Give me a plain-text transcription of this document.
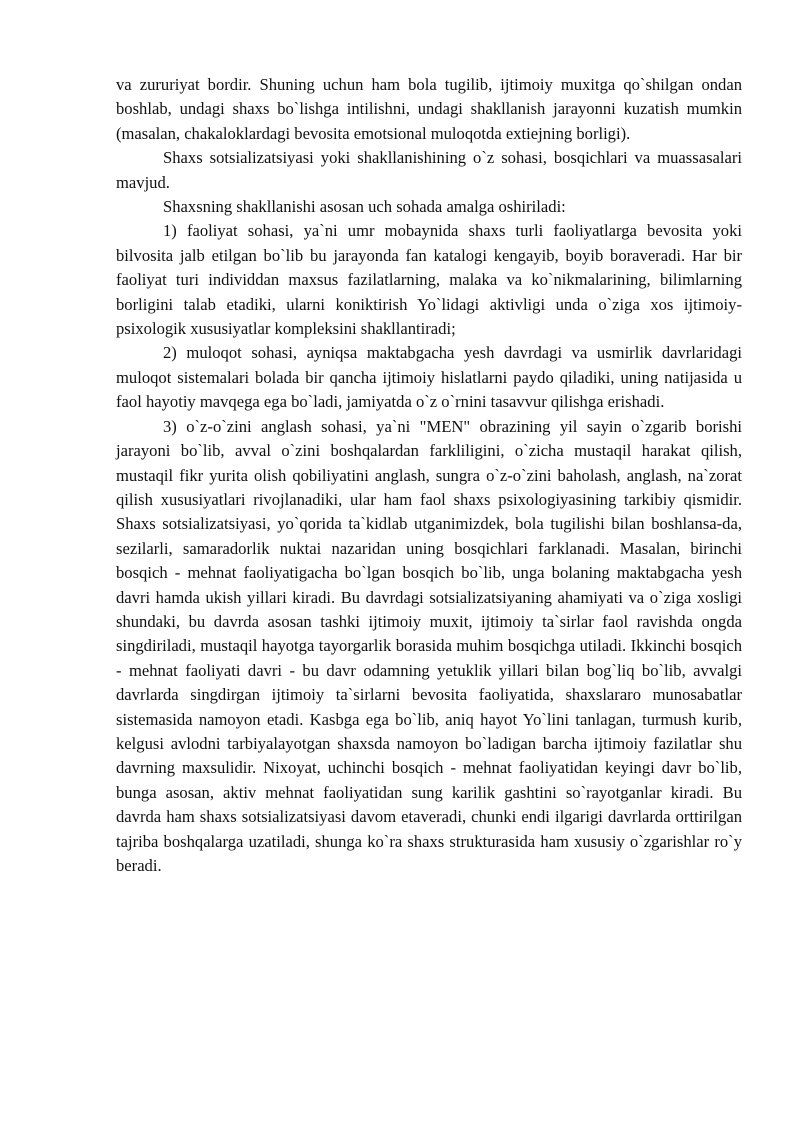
va zururiyat bordir. Shuning uchun ham bola tugilib, ijtimoiy muxitga qo`shilgan ondan boshlab, undagi shaxs bo`lishga intilishni, undagi shakllanish jarayonni kuzatish mumkin (masalan, chakaloklardagi bevosita emotsional muloqotda extiejning borligi).

Shaxs sotsializatsiyasi yoki shakllanishining o`z sohasi, bosqichlari va muassasalari mavjud.

Shaxsning shakllanishi asosan uch sohada amalga oshiriladi:

1) faoliyat sohasi, ya`ni umr mobaynida shaxs turli faoliyatlarga bevosita yoki bilvosita jalb etilgan bo`lib bu jarayonda fan katalogi kengayib, boyib boraveradi. Har bir faoliyat turi individdan maxsus fazilatlarning, malaka va ko`nikmalarining, bilimlarning borligini talab etadiki, ularni koniktirish Yo`lidagi aktivligi unda o`ziga xos ijtimoiy-psixologik xususiyatlar kompleksini shakllantiradi;

2) muloqot sohasi, ayniqsa maktabgacha yesh davrdagi va usmirlik davrlaridagi muloqot sistemalari bolada bir qancha ijtimoiy hislatlarni paydo qiladiki, uning natijasida u faol hayotiy mavqega ega bo`ladi, jamiyatda o`z o`rnini tasavvur qilishga erishadi.

3) o`z-o`zini anglash sohasi, ya`ni "MEN" obrazining yil sayin o`zgarib borishi jarayoni bo`lib, avval o`zini boshqalardan farkliligini, o`zicha mustaqil harakat qilish, mustaqil fikr yurita olish qobiliyatini anglash, sungra o`z-o`zini baholash, anglash, na`zorat qilish xususiyatlari rivojlanadiki, ular ham faol shaxs psixologiyasining tarkibiy qismidir. Shaxs sotsializatsiyasi, yo`qorida ta`kidlab utganimizdek, bola tugilishi bilan boshlansa-da, sezilarli, samaradorlik nuktai nazaridan uning bosqichlari farklanadi. Masalan, birinchi bosqich - mehnat faoliyatigacha bo`lgan bosqich bo`lib, unga bolaning maktabgacha yesh davri hamda ukish yillari kiradi. Bu davrdagi sotsializatsiyaning ahamiyati va o`ziga xosligi shundaki, bu davrda asosan tashki ijtimoiy muxit, ijtimoiy ta`sirlar faol ravishda ongda singdiriladi, mustaqil hayotga tayorgarlik borasida muhim bosqichga utiladi. Ikkinchi bosqich - mehnat faoliyati davri - bu davr odamning yetuklik yillari bilan bog`liq bo`lib, avvalgi davrlarda singdirgan ijtimoiy ta`sirlarni bevosita faoliyatida, shaxslararo munosabatlar sistemasida namoyon etadi. Kasbga ega bo`lib, aniq hayot Yo`lini tanlagan, turmush kurib, kelgusi avlodni tarbiyalayotgan shaxsda namoyon bo`ladigan barcha ijtimoiy fazilatlar shu davrning maxsulidir. Nixoyat, uchinchi bosqich - mehnat faoliyatidan keyingi davr bo`lib, bunga asosan, aktiv mehnat faoliyatidan sung karilik gashtini so`rayotganlar kiradi. Bu davrda ham shaxs sotsializatsiyasi davom etaveradi, chunki endi ilgarigi davrlarda orttirilgan tajriba boshqalarga uzatiladi, shunga ko`ra shaxs strukturasida ham xususiy o`zgarishlar ro`y beradi.
